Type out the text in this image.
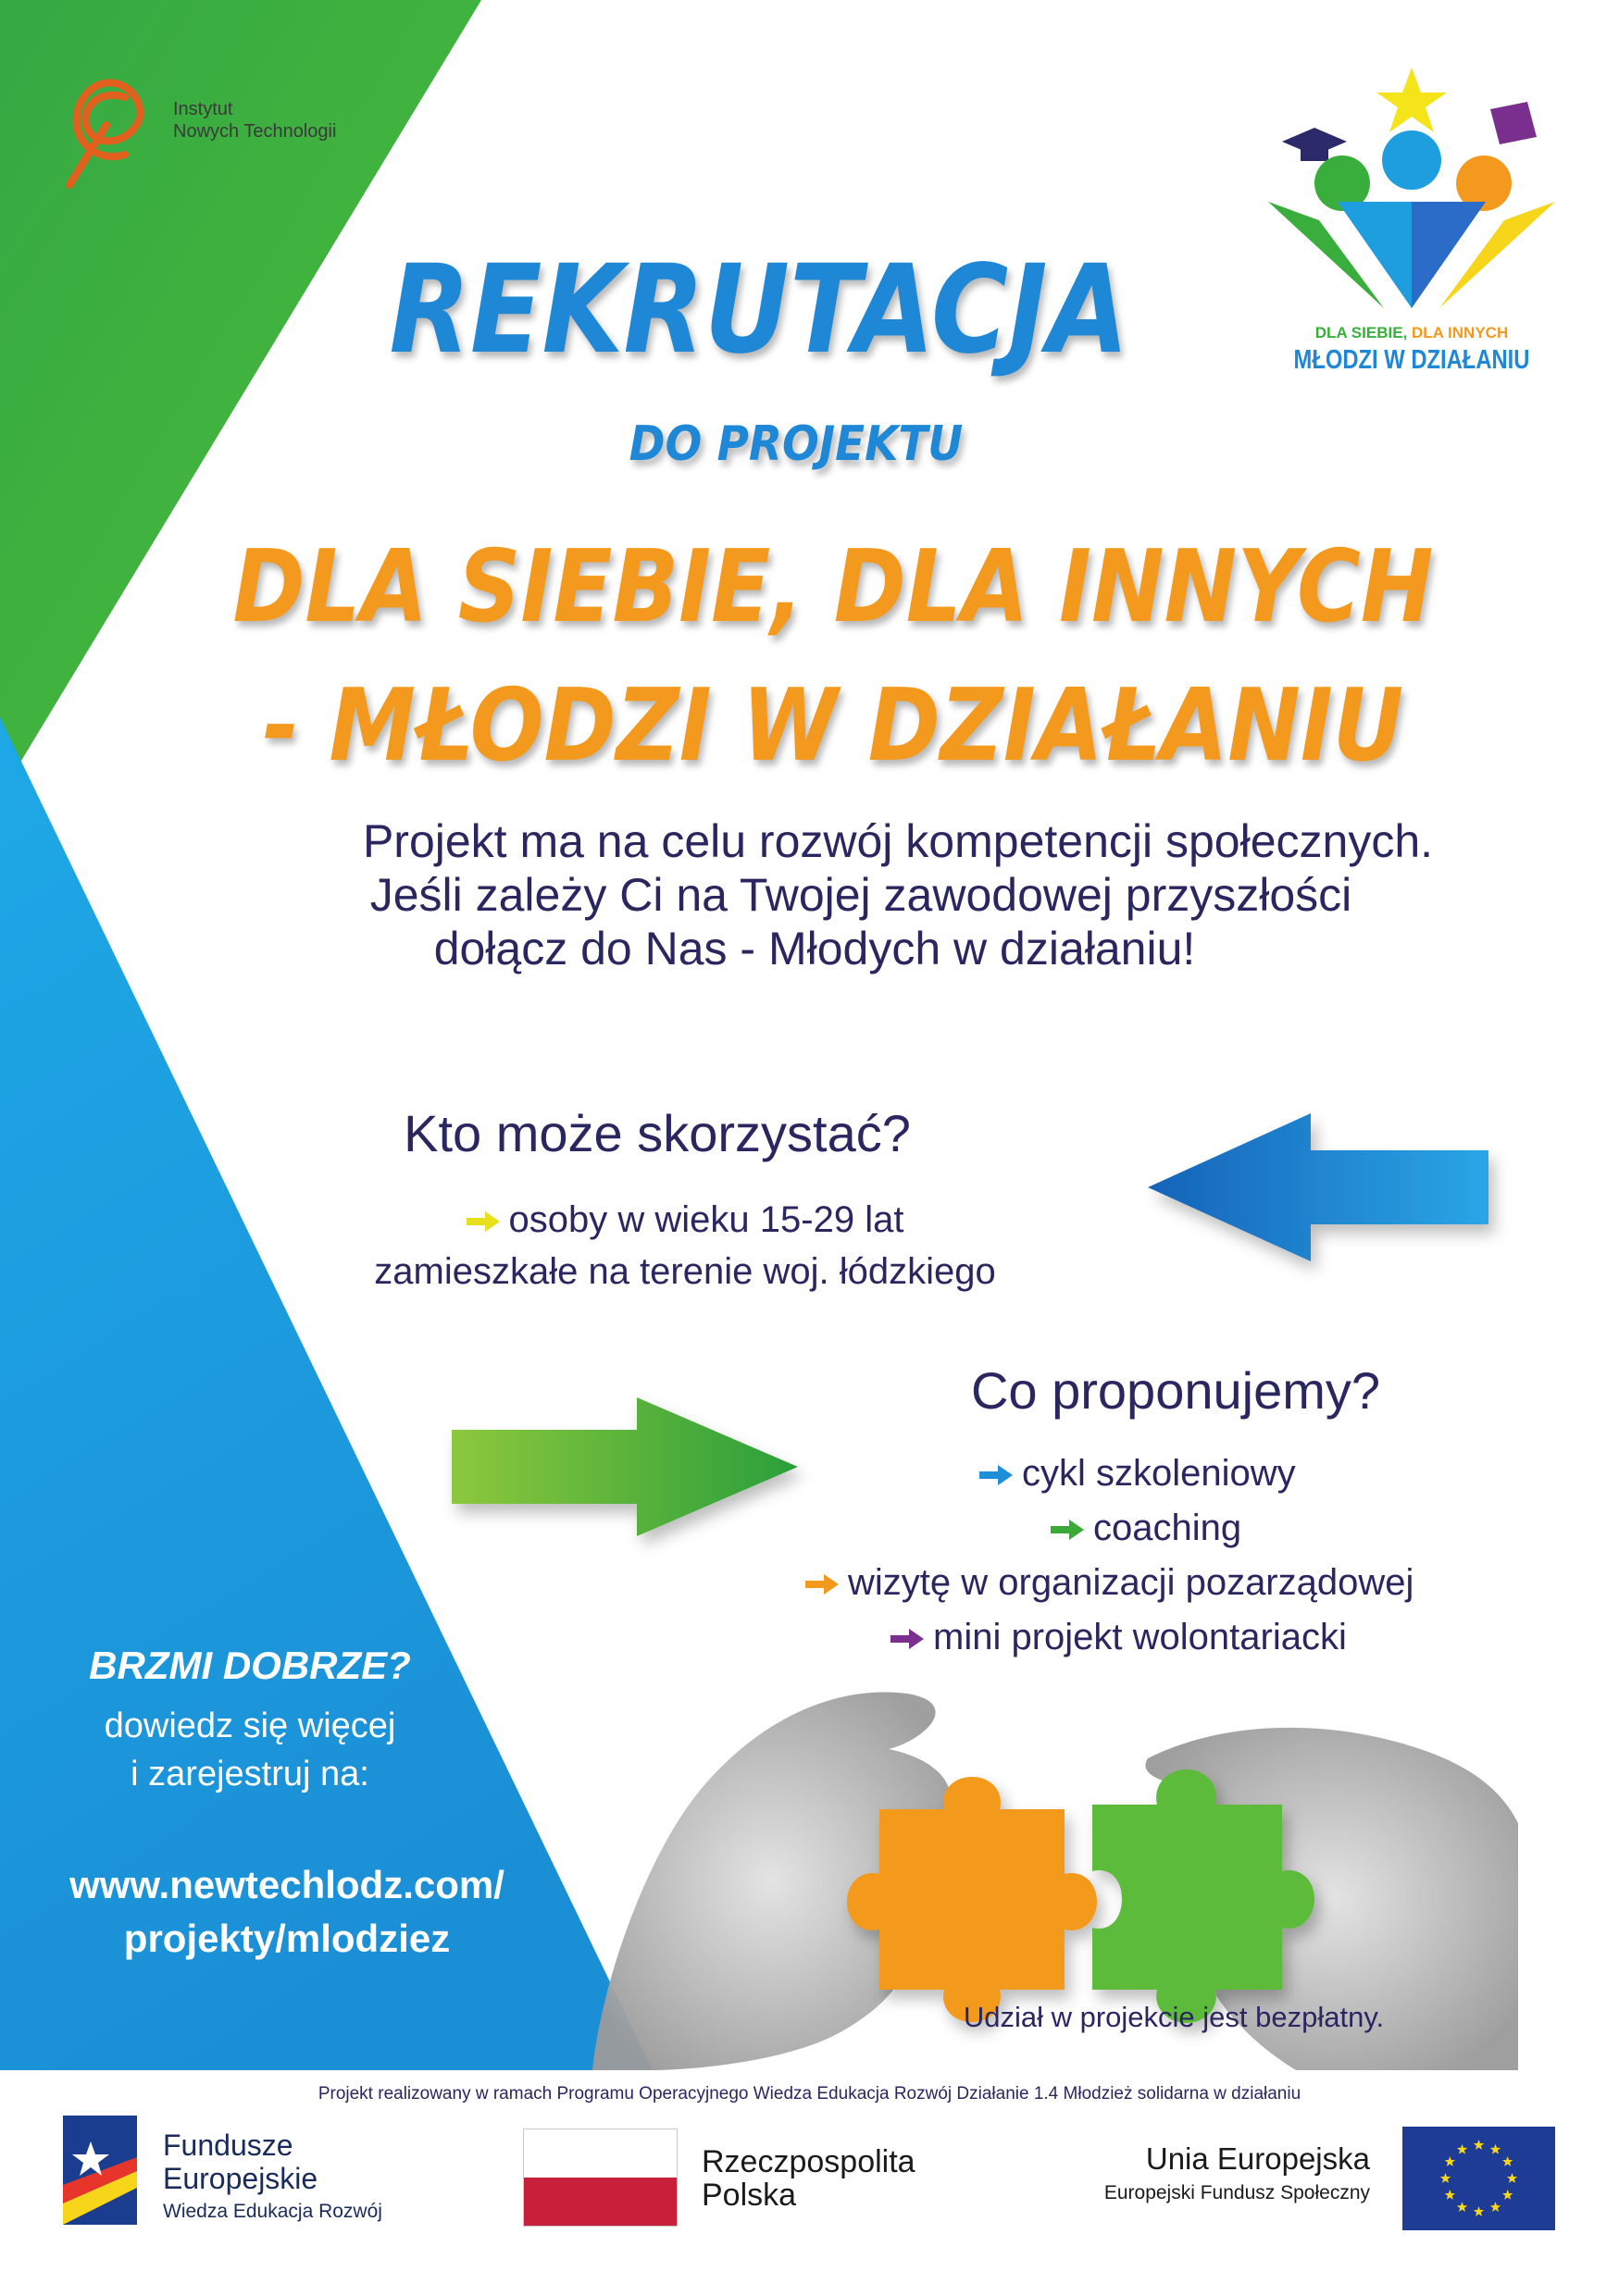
Instytut
Nowych Technologii
DLA SIEBIE, DLA INNYCH
MŁODZI W DZIAŁANIU
REKRUTACJA
DO PROJEKTU
DLA SIEBIE, DLA INNYCH
- MŁODZI W DZIAŁANIU
Projekt ma na celu rozwój kompetencji społecznych.
Jeśli zależy Ci na Twojej zawodowej przyszłości
dołącz do Nas - Młodych w działaniu!
Kto może skorzystać?
osoby w wieku 15-29 lat
zamieszkałe na terenie woj. łódzkiego
Co proponujemy?
cykl szkoleniowy
coaching
wizytę w organizacji pozarządowej
mini projekt wolontariacki
BRZMI DOBRZE?
dowiedz się więcej
i zarejestruj na:
www.newtechlodz.com/
projekty/mlodziez
Udział w projekcie jest bezpłatny.
Projekt realizowany w ramach Programu Operacyjnego Wiedza Edukacja Rozwój Działanie 1.4 Młodzież solidarna w działaniu
Fundusze
Europejskie
Wiedza Edukacja Rozwój
Rzeczpospolita
Polska
Unia Europejska
Europejski Fundusz Społeczny
